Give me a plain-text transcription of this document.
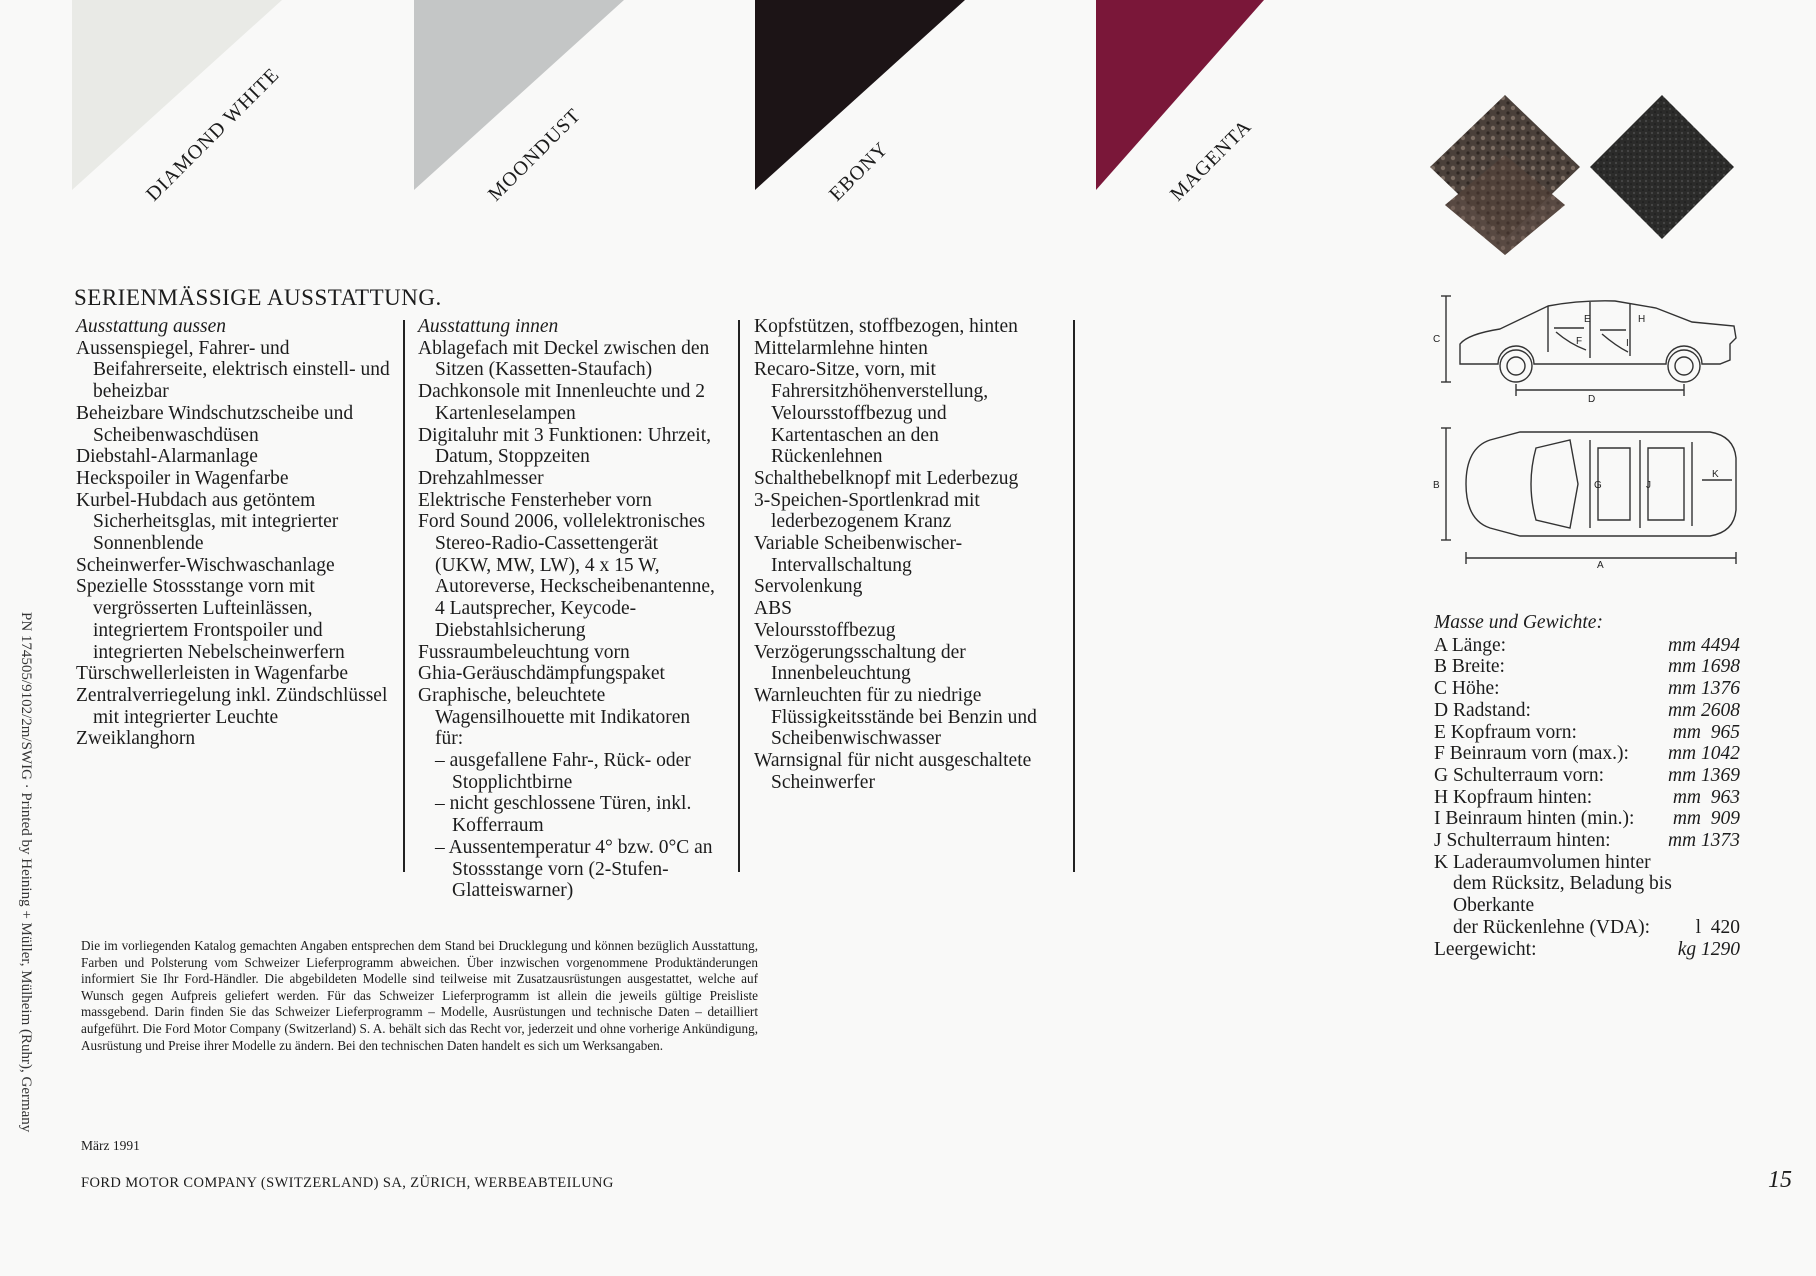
DIAMOND WHITE	MOONDUST	EBONY	MAGENTA
SERIENMÄSSIGE AUSSTATTUNG.
Ausstattung aussen
Aussenspiegel, Fahrer- und Beifahrerseite, elektrisch einstell- und beheizbar
Beheizbare Windschutzscheibe und Scheibenwaschdüsen
Diebstahl-Alarmanlage
Heckspoiler in Wagenfarbe
Kurbel-Hubdach aus getöntem Sicherheitsglas, mit integrierter Sonnenblende
Scheinwerfer-Wischwaschanlage
Spezielle Stossstange vorn mit vergrösserten Lufteinlässen, integriertem Frontspoiler und integrierten Nebelscheinwerfern
Türschwellerleisten in Wagenfarbe
Zentralverriegelung inkl. Zündschlüssel mit integrierter Leuchte
Zweiklanghorn
Ausstattung innen
Ablagefach mit Deckel zwischen den Sitzen (Kassetten-Staufach)
Dachkonsole mit Innenleuchte und 2 Kartenleselampen
Digitaluhr mit 3 Funktionen: Uhrzeit, Datum, Stoppzeiten
Drehzahlmesser
Elektrische Fensterheber vorn
Ford Sound 2006, vollelektronisches Stereo-Radio-Cassettengerät (UKW, MW, LW), 4 x 15 W, Autoreverse, Heckscheibenantenne, 4 Lautsprecher, Keycode-Diebstahlsicherung
Fussraumbeleuchtung vorn
Ghia-Geräuschdämpfungspaket
Graphische, beleuchtete Wagensilhouette mit Indikatoren für:
– ausgefallene Fahr-, Rück- oder Stopplichtbirne
– nicht geschlossene Türen, inkl. Kofferraum
– Aussentemperatur 4° bzw. 0°C an Stossstange vorn (2-Stufen-Glatteiswarner)
Kopfstützen, stoffbezogen, hinten
Mittelarmlehne hinten
Recaro-Sitze, vorn, mit Fahrersitzhöhenverstellung, Veloursstoffbezug und Kartentaschen an den Rückenlehnen
Schalthebelknopf mit Lederbezug
3-Speichen-Sportlenkrad mit lederbezogenem Kranz
Variable Scheibenwischer-Intervallschaltung
Servolenkung
ABS
Veloursstoffbezug
Verzögerungsschaltung der Innenbeleuchtung
Warnleuchten für zu niedrige Flüssigkeitsstände bei Benzin und Scheibenwischwasser
Warnsignal für nicht ausgeschaltete Scheinwerfer
C
E	H
F	I
D
B	G	J
K
A
Masse und Gewichte:
A Länge:	mm 4494
B Breite:	mm 1698
C Höhe:	mm 1376
D Radstand:	mm 2608
E Kopfraum vorn:	mm  965
F Beinraum vorn (max.): mm 1042
G Schulterraum vorn:	mm 1369
H Kopfraum hinten:	mm  963
I Beinraum hinten (min.): mm  909
J Schulterraum hinten:	mm 1373
K Laderaumvolumen hinter dem Rücksitz, Beladung bis Oberkante
der Rückenlehne (VDA): l  420
Leergewicht:	kg 1290
Die im vorliegenden Katalog gemachten Angaben entsprechen dem Stand bei Drucklegung und können bezüglich Ausstattung, Farben und Polsterung vom Schweizer Lieferprogramm abweichen. Über inzwischen vorgenommene Produktänderungen informiert Sie Ihr Ford-Händler. Die abgebildeten Modelle sind teilweise mit Zusatzausrüstungen ausgestattet, welche auf Wunsch gegen Aufpreis geliefert werden. Für das Schweizer Lieferprogramm ist allein die jeweils gültige Preisliste massgebend. Darin finden Sie das Schweizer Lieferprogramm – Modelle, Ausrüstungen und technische Daten – detailliert aufgeführt. Die Ford Motor Company (Switzerland) S. A. behält sich das Recht vor, jederzeit und ohne vorherige Ankündigung, Ausrüstung und Preise ihrer Modelle zu ändern. Bei den technischen Daten handelt es sich um Werksangaben.
März 1991
FORD MOTOR COMPANY (SWITZERLAND) SA, ZÜRICH, WERBEABTEILUNG	15
PN 174505/9102/2m/SWIG · Printed by Heining + Müller, Mülheim (Ruhr), Germany
